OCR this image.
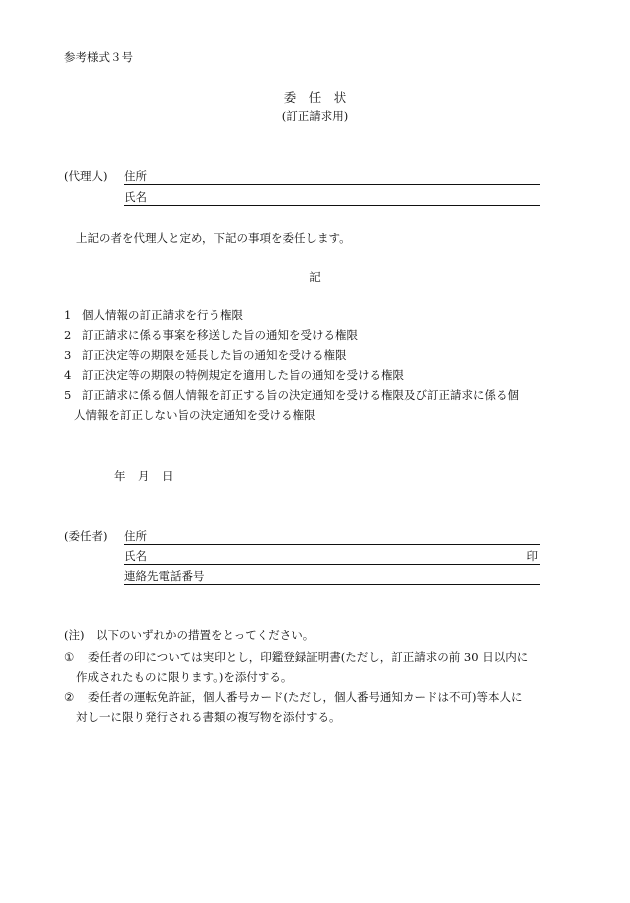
参考様式３号
委　任　状
(訂正請求用)
(代理人) 住所
氏名
上記の者を代理人と定め，下記の事項を委任します。
記
1 個人情報の訂正請求を行う権限
2 訂正請求に係る事案を移送した旨の通知を受ける権限
3 訂正決定等の期限を延長した旨の通知を受ける権限
4 訂正決定等の期限の特例規定を適用した旨の通知を受ける権限
5 訂正請求に係る個人情報を訂正する旨の決定通知を受ける権限及び訂正請求に係る個
人情報を訂正しない旨の決定通知を受ける権限
年 月 日
(委任者) 住所
氏名	印
連絡先電話番号
(注)　以下のいずれかの措置をとってください。
① 委任者の印については実印とし，印鑑登録証明書(ただし，訂正請求の前 30 日以内に
作成されたものに限ります。)を添付する。
② 委任者の運転免許証，個人番号カード(ただし，個人番号通知カードは不可)等本人に
対し一に限り発行される書類の複写物を添付する。
